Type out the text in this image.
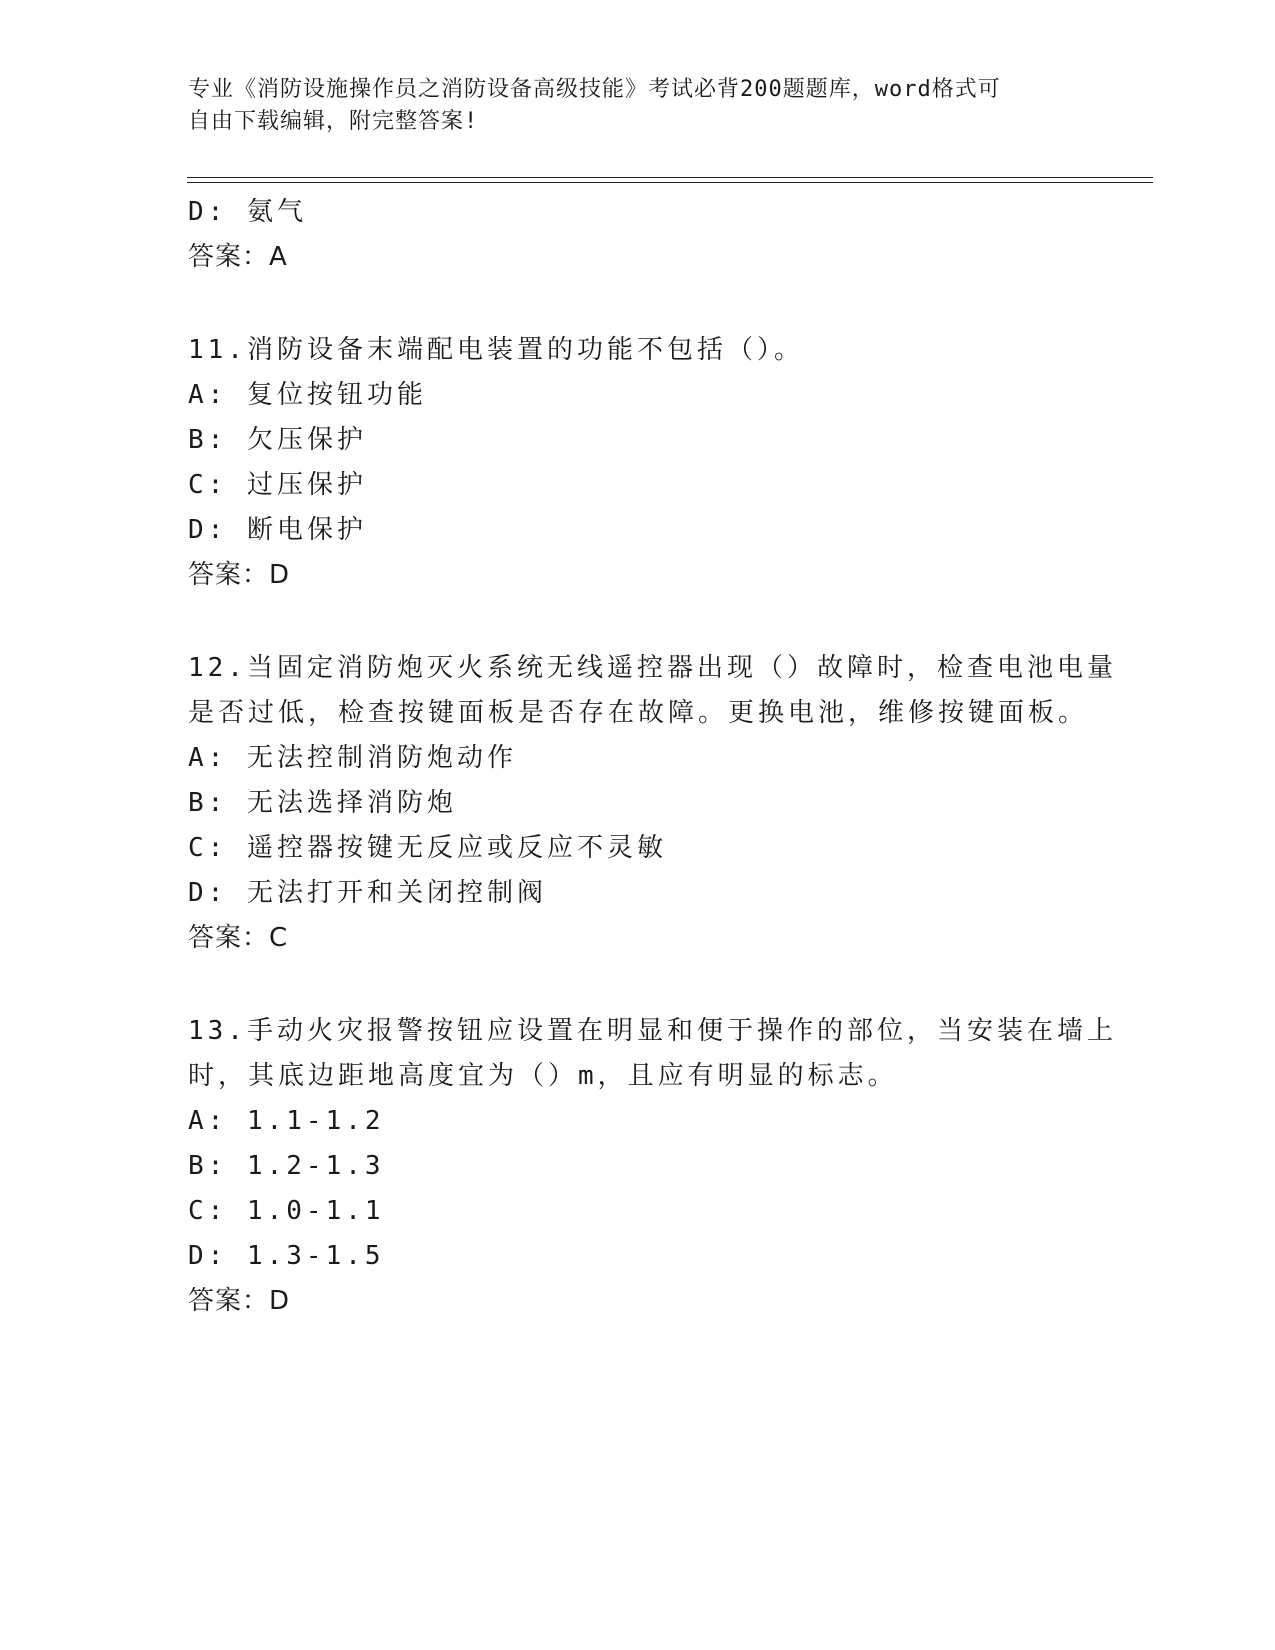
专业《消防设施操作员之消防设备高级技能》考试必背200题题库，word格式可
自由下载编辑，附完整答案!
D: 氨气
答案：A
11.消防设备末端配电装置的功能不包括（）。
A: 复位按钮功能
B: 欠压保护
C: 过压保护
D: 断电保护
答案：D
12.当固定消防炮灭火系统无线遥控器出现（）故障时，检查电池电量
是否过低，检查按键面板是否存在故障。更换电池，维修按键面板。
A: 无法控制消防炮动作
B: 无法选择消防炮
C: 遥控器按键无反应或反应不灵敏
D: 无法打开和关闭控制阀
答案：C
13.手动火灾报警按钮应设置在明显和便于操作的部位，当安装在墙上
时，其底边距地高度宜为（）m，且应有明显的标志。
A: 1.1-1.2
B: 1.2-1.3
C: 1.0-1.1
D: 1.3-1.5
答案：D
